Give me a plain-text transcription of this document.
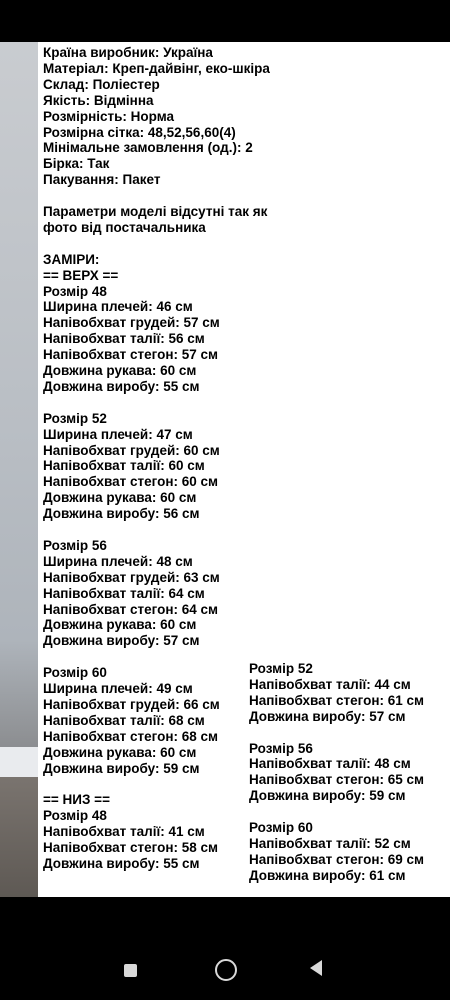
Країна виробник: Україна
Матеріал: Креп-дайвінг, еко-шкіра
Склад: Поліестер
Якість: Відмінна
Розмірність: Норма
Розмірна сітка: 48,52,56,60(4)
Мінімальне замовлення (од.): 2
Бірка: Так
Пакування: Пакет
Параметри моделі відсутні так як
фото від постачальника
ЗАМІРИ:
== ВЕРХ ==
Розмір 48
Ширина плечей: 46 см
Напівобхват грудей: 57 см
Напівобхват талії: 56 см
Напівобхват стегон: 57 см
Довжина рукава: 60 см
Довжина виробу: 55 см
Розмір 52
Ширина плечей: 47 см
Напівобхват грудей: 60 см
Напівобхват талії: 60 см
Напівобхват стегон: 60 см
Довжина рукава: 60 см
Довжина виробу: 56 см
Розмір 56
Ширина плечей: 48 см
Напівобхват грудей: 63 см
Напівобхват талії: 64 см
Напівобхват стегон: 64 см
Довжина рукава: 60 см
Довжина виробу: 57 см
Розмір 60
Ширина плечей: 49 см
Напівобхват грудей: 66 см
Напівобхват талії: 68 см
Напівобхват стегон: 68 см
Довжина рукава: 60 см
Довжина виробу: 59 см
== НИЗ ==
Розмір 48
Напівобхват талії: 41 см
Напівобхват стегон: 58 см
Довжина виробу: 55 см
Розмір 52
Напівобхват талії: 44 см
Напівобхват стегон: 61 см
Довжина виробу: 57 см
Розмір 56
Напівобхват талії: 48 см
Напівобхват стегон: 65 см
Довжина виробу: 59 см
Розмір 60
Напівобхват талії: 52 см
Напівобхват стегон: 69 см
Довжина виробу: 61 см
